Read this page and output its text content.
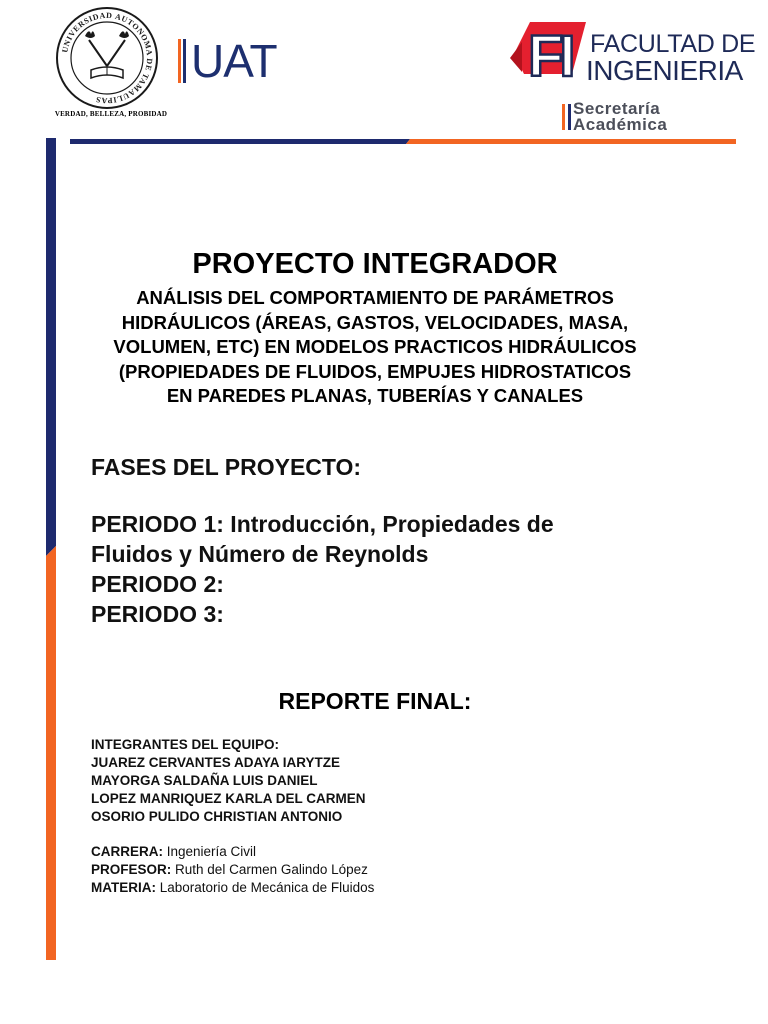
UNIVERSIDAD AUTONOMA DE TAMAULIPAS
VERDAD, BELLEZA, PROBIDAD
UAT	FI FACULTAD DE
INGENIERIA
Secretaría
Académica
PROYECTO INTEGRADOR
ANÁLISIS DEL COMPORTAMIENTO DE PARÁMETROS
HIDRÁULICOS (ÁREAS, GASTOS, VELOCIDADES, MASA,
VOLUMEN, ETC) EN MODELOS PRACTICOS HIDRÁULICOS
(PROPIEDADES DE FLUIDOS, EMPUJES HIDROSTATICOS
EN PAREDES PLANAS, TUBERÍAS Y CANALES
FASES DEL PROYECTO:
PERIODO 1: Introducción, Propiedades de
Fluidos y Número de Reynolds
PERIODO 2:
PERIODO 3:
REPORTE FINAL:
INTEGRANTES DEL EQUIPO:
JUAREZ CERVANTES ADAYA IARYTZE
MAYORGA SALDAÑA LUIS DANIEL
LOPEZ MANRIQUEZ KARLA DEL CARMEN
OSORIO PULIDO CHRISTIAN ANTONIO
CARRERA: Ingeniería Civil
PROFESOR: Ruth del Carmen Galindo López
MATERIA: Laboratorio de Mecánica de Fluidos
